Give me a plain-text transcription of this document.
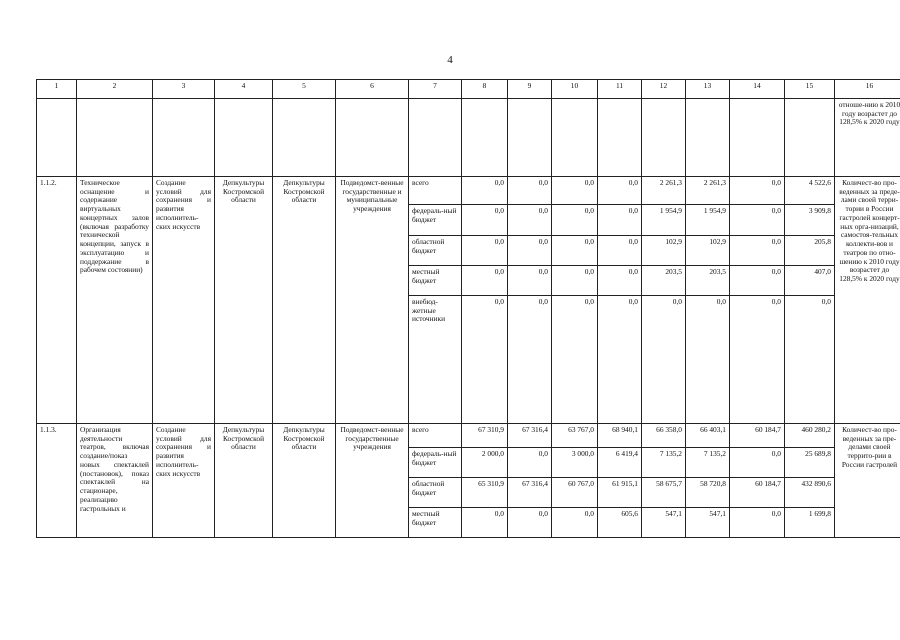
4
1	2	3	4	5	6	7	8	9	10	11	12	13	14	15	16
															отноше-нию к 2010 году возрастет до 128,5% к 2020 году
1.1.2.	Техническое оснащение и содержание виртуальных концертных залов (включая разработку технической концепции, запуск в эксплуатацию и поддержание в рабочем состоянии)	Создание условий для сохранения и развития исполнитель-ских искусств	Депкультуры Костромской области	Депкультуры Костромской области	Подведомст-венные государственные и муниципальные учреждения	всего	0,0	0,0	0,0	0,0	2 261,3	2 261,3	0,0	4 522,6	Количест-во про-веденных за преде-лами своей терри-тории в России гастролей концерт-ных орга-низаций, самостоя-тельных коллекти-вов и театров по отно-шению к 2010 году возрастет до 128,5% к 2020 году
						федераль-ный бюджет	0,0	0,0	0,0	0,0	1 954,9	1 954,9	0,0	3 909,8	
						областной бюджет	0,0	0,0	0,0	0,0	102,9	102,9	0,0	205,8	
						местный бюджет	0,0	0,0	0,0	0,0	203,5	203,5	0,0	407,0	
						внебюд-жетные источники	0,0	0,0	0,0	0,0	0,0	0,0	0,0	0,0	
1.1.3.	Организация деятельности театров, включая создание/показ новых спектаклей (постановок), показ спектаклей на стационаре, реализацию гастрольных и	Создание условий для сохранения и развития исполнитель-ских искусств	Депкультуры Костромской области	Депкультуры Костромской области	Подведомст-венные государственные учреждения	всего	67 310,9	67 316,4	63 767,0	68 940,1	66 358,0	66 403,1	60 184,7	460 280,2	Количест-во про-веденных за пре-делами своей террито-рии в России гастролей
						федераль-ный бюджет	2 000,0	0,0	3 000,0	6 419,4	7 135,2	7 135,2	0,0	25 689,8	
						областной бюджет	65 310,9	67 316,4	60 767,0	61 915,1	58 675,7	58 720,8	60 184,7	432 890,6	
						местный бюджет	0,0	0,0	0,0	605,6	547,1	547,1	0,0	1 699,8	
